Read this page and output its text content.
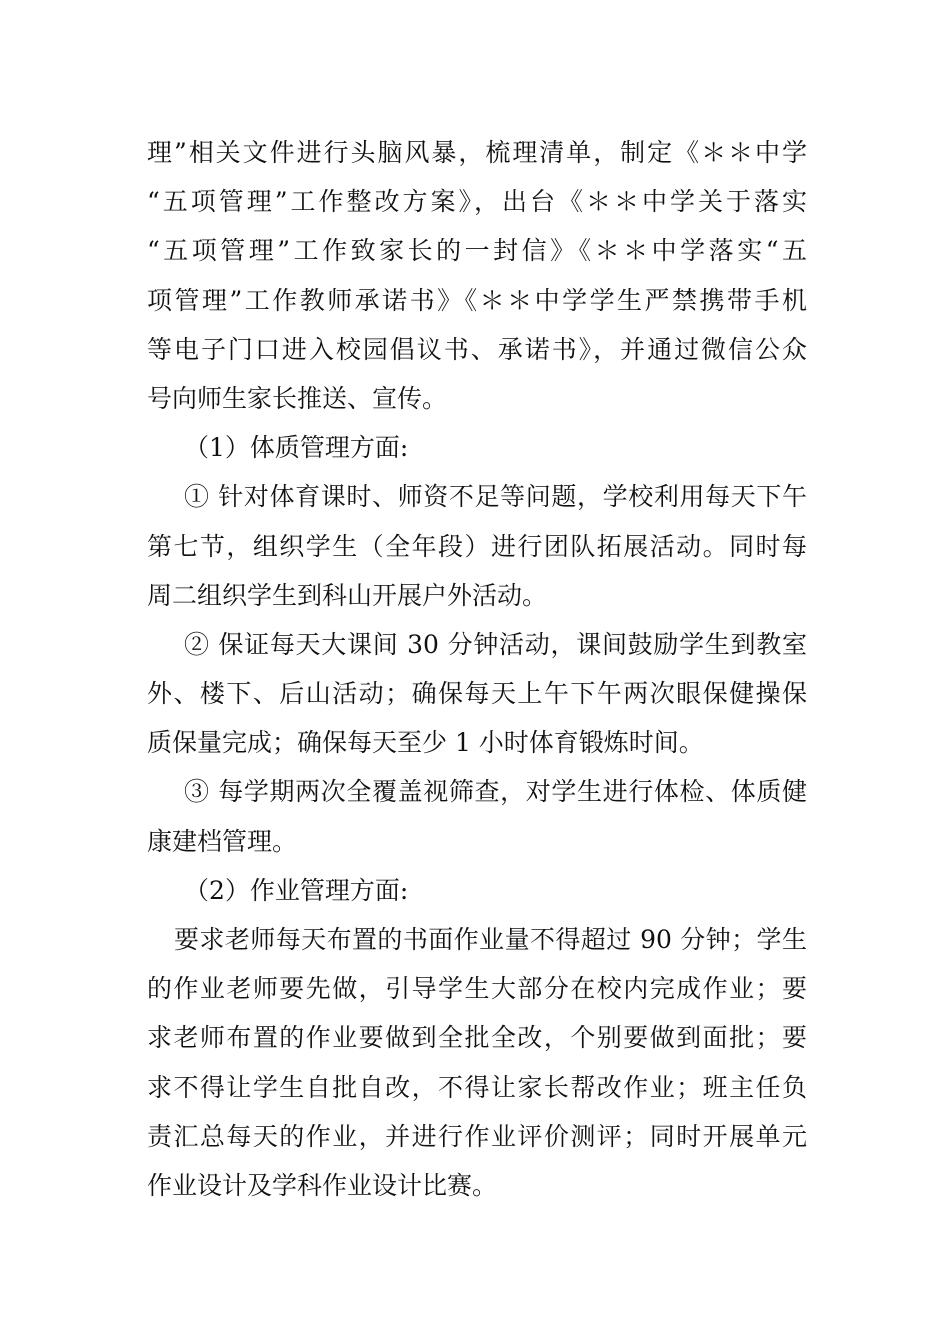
理”相关文件进行头脑风暴，梳理清单，制定《＊＊中学
“五项管理”工作整改方案》，出台《＊＊中学关于落实
“五项管理”工作致家长的一封信》《＊＊中学落实“五
项管理”工作教师承诺书》《＊＊中学学生严禁携带手机
等电子门口进入校园倡议书、承诺书》，并通过微信公众
号向师生家长推送、宣传。
（1）体质管理方面:
① 针对体育课时、师资不足等问题，学校利用每天下午
第七节，组织学生（全年段）进行团队拓展活动。同时每
周二组织学生到科山开展户外活动。
② 保证每天大课间 30 分钟活动，课间鼓励学生到教室
外、楼下、后山活动；确保每天上午下午两次眼保健操保
质保量完成；确保每天至少 1 小时体育锻炼时间。
③ 每学期两次全覆盖视筛查，对学生进行体检、体质健
康建档管理。
（2）作业管理方面:
要求老师每天布置的书面作业量不得超过 90 分钟；学生
的作业老师要先做，引导学生大部分在校内完成作业；要
求老师布置的作业要做到全批全改，个别要做到面批；要
求不得让学生自批自改，不得让家长帮改作业；班主任负
责汇总每天的作业，并进行作业评价测评；同时开展单元
作业设计及学科作业设计比赛。
